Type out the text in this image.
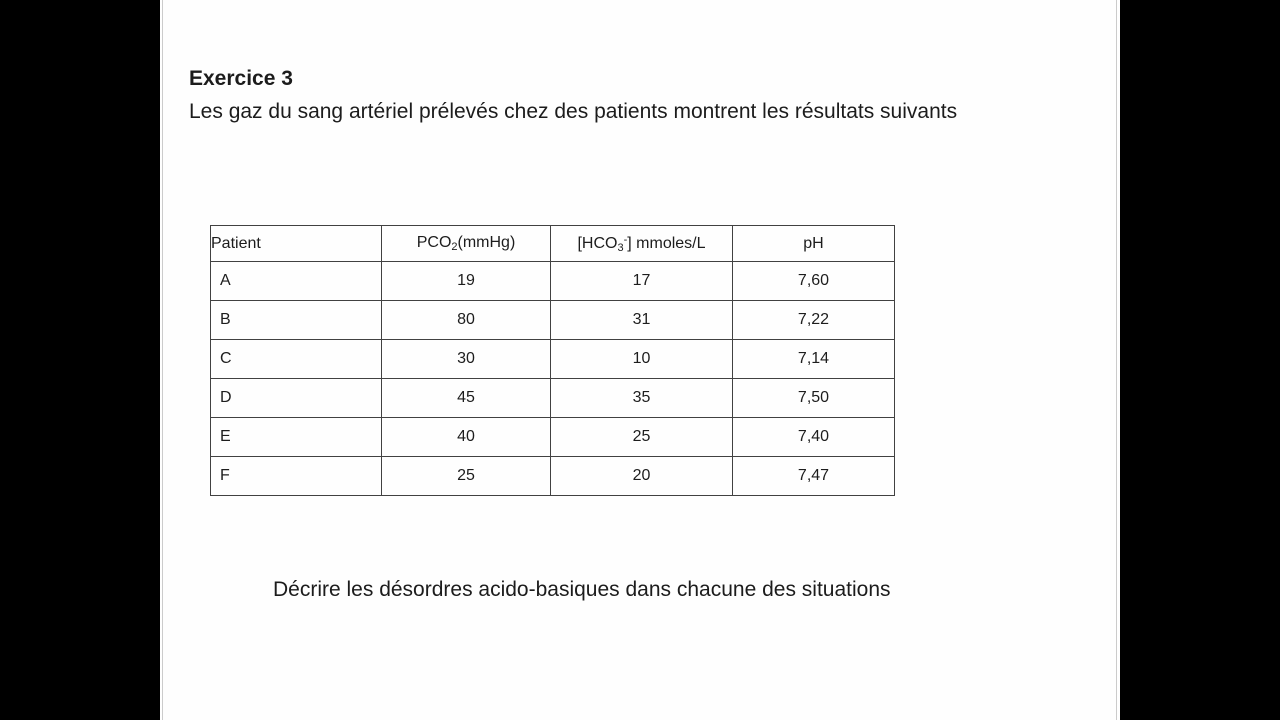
Exercice 3
Les gaz du sang artériel prélevés chez des patients montrent les résultats suivants
Patient	$PCO_2(mmHg)$	$[HCO_3^-]$ mmoles/L	pH
A	19	17	7,60
B	80	31	7,22
C	30	10	7,14
D	45	35	7,50
E	40	25	7,40
F	25	20	7,47
Décrire les désordres acido-basiques dans chacune des situations
